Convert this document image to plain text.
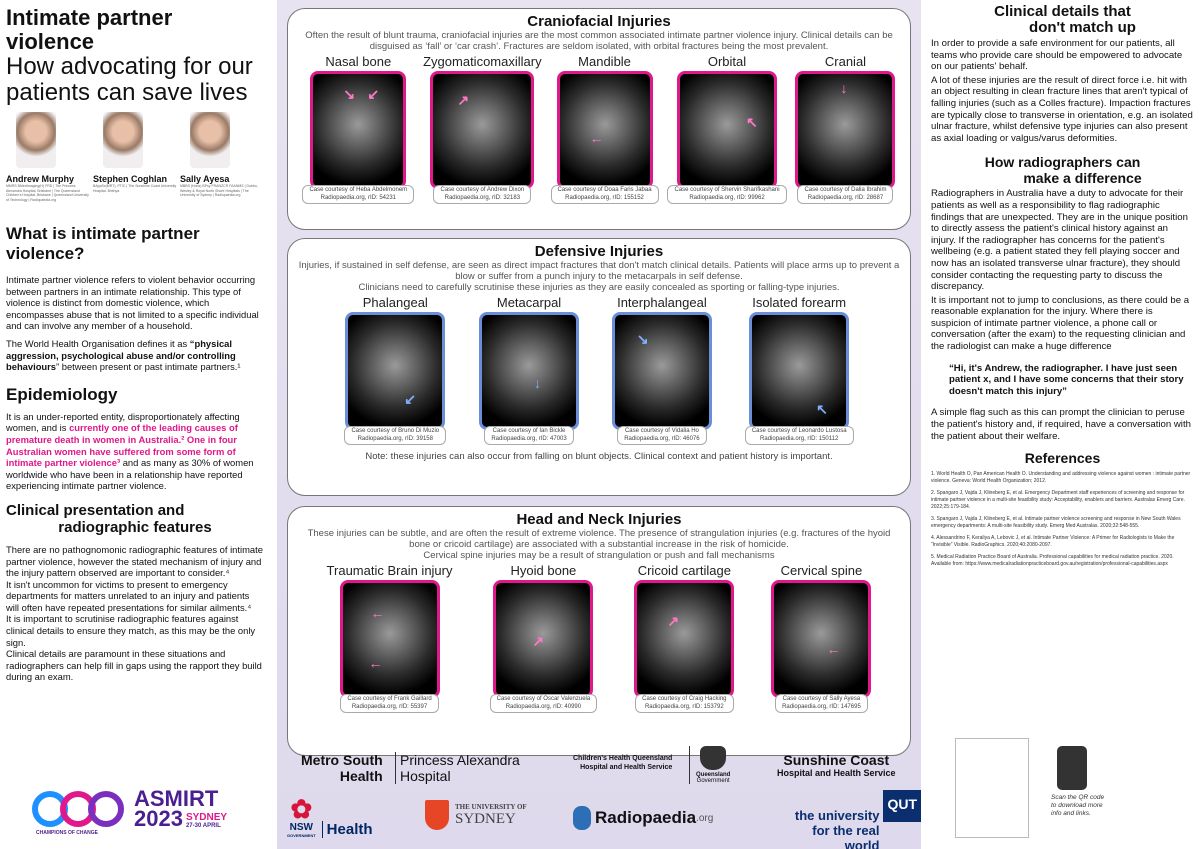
Intimate partner violence
How advocating for our
patients can save lives
Andrew Murphy
MMRS BMedImaging(H) FRD | The Princess Alexandra Hospital, Brisbane | The Queensland Children's Hospital, Brisbane | Queensland University of Technology | Radiopaedia.org
Stephen Coghlan
BAppSc(MRT), PTIC | The Sunshine Coast University Hospital, Birtinya
Sally Ayesa
MBBS (Hons) BPsy FRANZCR FAANMS | Dubbo, Wesley & Royal North Shore Hospitals | The University of Sydney | Radiopaedia.org
What is intimate partner violence?
Intimate partner violence refers to violent behavior occurring between partners in an intimate relationship. This type of violence is distinct from domestic violence, which encompasses abuse that is not limited to a specific individual and can involve any member of a household.
The World Health Organisation defines it as “physical aggression, psychological abuse and/or controlling behaviours” between present or past intimate partners.¹
Epidemiology
It is an under-reported entity, disproportionately affecting women, and is currently one of the leading causes of premature death in women in Australia.² One in four Australian women have suffered from some form of intimate partner violence³ and as many as 30% of women worldwide who have been in a relationship have reported experiencing intimate partner violence.
Clinical presentation and
radiographic features
There are no pathognomonic radiographic features of intimate partner violence, however the stated mechanism of injury and the injury pattern observed are important to consider.⁴
It isn't uncommon for victims to present to emergency departments for matters unrelated to an injury and patients will often have repeated presentations for similar ailments.⁴
It is important to scrutinise radiographic features against clinical details to ensure they match, as this may be the only sign.
Clinical details are paramount in these situations and radiographers can help fill in gaps using the rapport they build during an exam.
ASMIRT
2023 SYDNEY
27-30 APRIL
CHAMPIONS OF CHANGE
Craniofacial Injuries
Often the result of blunt trauma, craniofacial injuries are the most common associated intimate partner violence injury. Clinical details can be disguised as ‘fall’ or ‘car crash’. Fractures are seldom isolated, with orbital fractures being the most prevalent.
Nasal bone
↘ ↙
Case courtesy of Heba Abdelmonem
Radiopaedia.org, rID: 54231
Zygomaticomaxillary
↗
Case courtesy of Andrew Dixon
Radiopaedia.org, rID: 32183
Mandible
←
Case courtesy of Doaa Faris Jabaa
Radiopaedia.org, rID: 155152
Orbital
↖
Case courtesy of Shervin Sharifkashani
Radiopaedia.org, rID: 99962
Cranial
↓
Case courtesy of Dalia Ibrahim
Radiopaedia.org, rID: 28687
Defensive Injuries
Injuries, if sustained in self defense, are seen as direct impact fractures that don't match clinical details. Patients will place arms up to prevent a blow or suffer from a punch injury to the metacarpals in self defense.
Clinicians need to carefully scrutinise these injuries as they are easily concealed as sporting or falling-type injuries.
Phalangeal
↙
Case courtesy of Bruno Di Muzio
Radiopaedia.org, rID: 39158
Metacarpal
↓
Case courtesy of Ian Bickle
Radiopaedia.org, rID: 47003
Interphalangeal
↘
Case courtesy of Vidalia Ho
Radiopaedia.org, rID: 46076
Isolated forearm
↖
Case courtesy of Leonardo Lustosa
Radiopaedia.org, rID: 150112
Note: these injuries can also occur from falling on blunt objects. Clinical context and patient history is important.
Head and Neck Injuries
These injuries can be subtle, and are often the result of extreme violence. The presence of strangulation injuries (e.g. fractures of the hyoid bone or cricoid cartilage) are associated with a substantial increase in the risk of homicide.
Cervical spine injuries may be a result of strangulation or push and fall mechanisms
Traumatic Brain injury
←
←
Case courtesy of Frank Gaillard
Radiopaedia.org, rID: 55397
Hyoid bone
↗
Case courtesy of Oscar Valenzuela
Radiopaedia.org, rID: 40990
Cricoid cartilage
↗
Case courtesy of Craig Hacking
Radiopaedia.org, rID: 153792
Cervical spine
←
Case courtesy of Sally Ayesa
Radiopaedia.org, rID: 147695
Metro South
Health
Princess Alexandra
Hospital
Children's Health Queensland
Hospital and Health Service
Queensland
Government
Sunshine Coast
Hospital and Health Service
✿
NSW
GOVERNMENT Health
THE UNIVERSITY OF
SYDNEY	Radiopaedia .org	the university
for the real world
QUT
Clinical details that
don't match up
In order to provide a safe environment for our patients, all teams who provide care should be empowered to advocate on our patients' behalf.
A lot of these injuries are the result of direct force i.e. hit with an object resulting in clean fracture lines that aren't typical of falling injuries (such as a Colles fracture). Impaction fractures are typically close to transverse in orientation, e.g. an isolated ulnar fracture, whilst defensive type injuries can also present as axial loading or valgus/varus deformities.
How radiographers can
make a difference
Radiographers in Australia have a duty to advocate for their patients as well as a responsibility to flag radiographic findings that are unexpected. They are in the unique position to directly assess the patient's clinical history against an injury. If the radiographer has concerns for the patient's wellbeing (e.g. a patient stated they fell playing soccer and now has an isolated transverse ulnar fracture), they should consider contacting the requesting party to discuss the discrepancy.
It is important not to jump to conclusions, as there could be a reasonable explanation for the injury. Where there is suspicion of intimate partner violence, a phone call or conversation (after the exam) to the requesting clinician and the radiologist can make a huge difference
“Hi, it's Andrew, the radiographer. I have just seen patient x, and I have some concerns that their story doesn't match this injury”
A simple flag such as this can prompt the clinician to peruse the patient's history and, if required, have a conversation with the patient about their welfare.
References
1. World Health O, Pan American Health O. Understanding and addressing violence against women : intimate partner violence. Geneva: World Health Organization; 2012.
2. Spangaro J, Vajda J, Klineberg E, et al. Emergency Department staff experiences of screening and response for intimate partner violence in a multi-site feasibility study: Acceptability, enablers and barriers. Australas Emerg Care. 2022;25:179-184.
3. Spangaro J, Vajda J, Klineberg E, et al. Intimate partner violence screening and response in New South Wales emergency departments: A multi-site feasibility study. Emerg Med Australas. 2020;32:548-555.
4. Alessandrino F, Keraliya A, Lebovic J, et al. Intimate Partner Violence: A Primer for Radiologists to Make the “Invisible” Visible. RadioGraphics. 2020;40:2080-2097.
5. Medical Radiation Practice Board of Australia. Professional capabilities for medical radiation practice. 2020. Available from: https://www.medicalradiationpracticeboard.gov.au/registration/professional-capabilities.aspx
Scan the QR code to download more info and links.
